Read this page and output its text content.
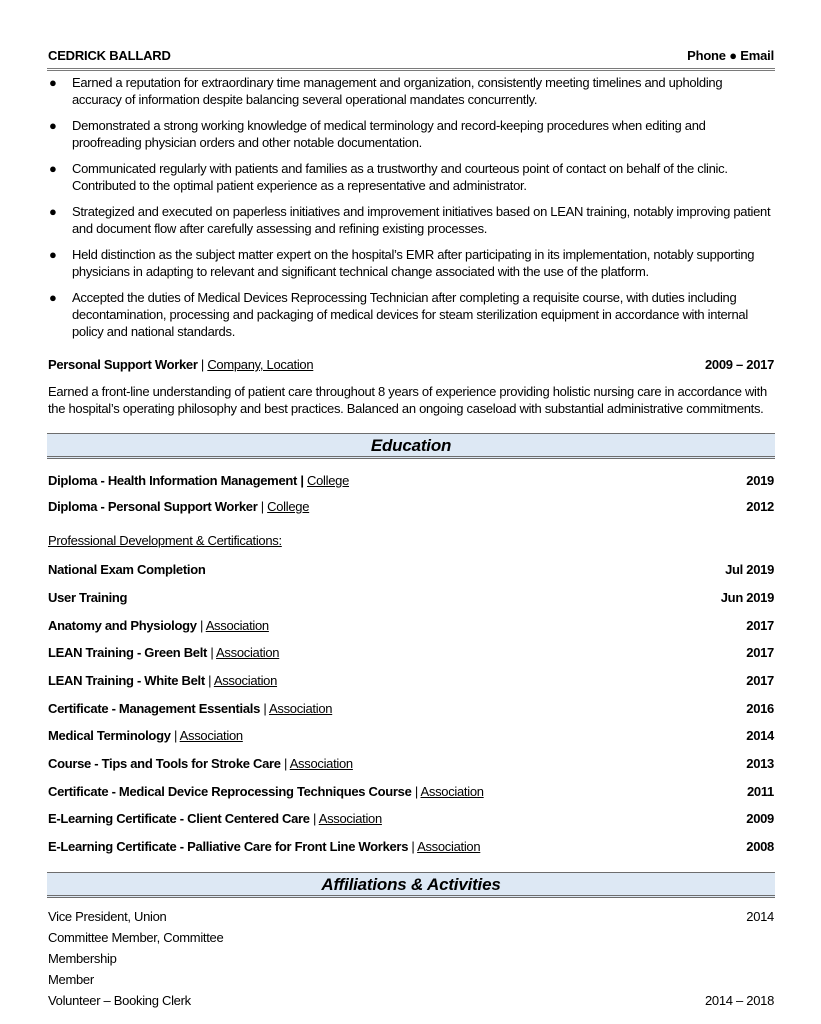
CEDRICK BALLARD	Phone ● Email
● Earned a reputation for extraordinary time management and organization, consistently meeting timelines and upholding accuracy of information despite balancing several operational mandates concurrently.
● Demonstrated a strong working knowledge of medical terminology and record-keeping procedures when editing and proofreading physician orders and other notable documentation.
● Communicated regularly with patients and families as a trustworthy and courteous point of contact on behalf of the clinic. Contributed to the optimal patient experience as a representative and administrator.
● Strategized and executed on paperless initiatives and improvement initiatives based on LEAN training, notably improving patient and document flow after carefully assessing and refining existing processes.
● Held distinction as the subject matter expert on the hospital’s EMR after participating in its implementation, notably supporting physicians in adapting to relevant and significant technical change associated with the use of the platform.
● Accepted the duties of Medical Devices Reprocessing Technician after completing a requisite course, with duties including decontamination, processing and packaging of medical devices for steam sterilization equipment in accordance with internal policy and national standards.
Personal Support Worker | Company, Location	2009 – 2017
Earned a front-line understanding of patient care throughout 8 years of experience providing holistic nursing care in accordance with the hospital’s operating philosophy and best practices. Balanced an ongoing caseload with substantial administrative commitments.
Education
Diploma - Health Information Management | College	2019
Diploma - Personal Support Worker | College	2012
Professional Development & Certifications:
National Exam Completion	Jul 2019
User Training	Jun 2019
Anatomy and Physiology | Association	2017
LEAN Training - Green Belt | Association	2017
LEAN Training - White Belt | Association	2017
Certificate - Management Essentials | Association	2016
Medical Terminology | Association	2014
Course - Tips and Tools for Stroke Care | Association	2013
Certificate - Medical Device Reprocessing Techniques Course | Association	2011
E-Learning Certificate - Client Centered Care | Association	2009
E-Learning Certificate - Palliative Care for Front Line Workers | Association	2008
Affiliations & Activities
Vice President, Union	2014
Committee Member, Committee
Membership
Member
Volunteer – Booking Clerk	2014 – 2018
